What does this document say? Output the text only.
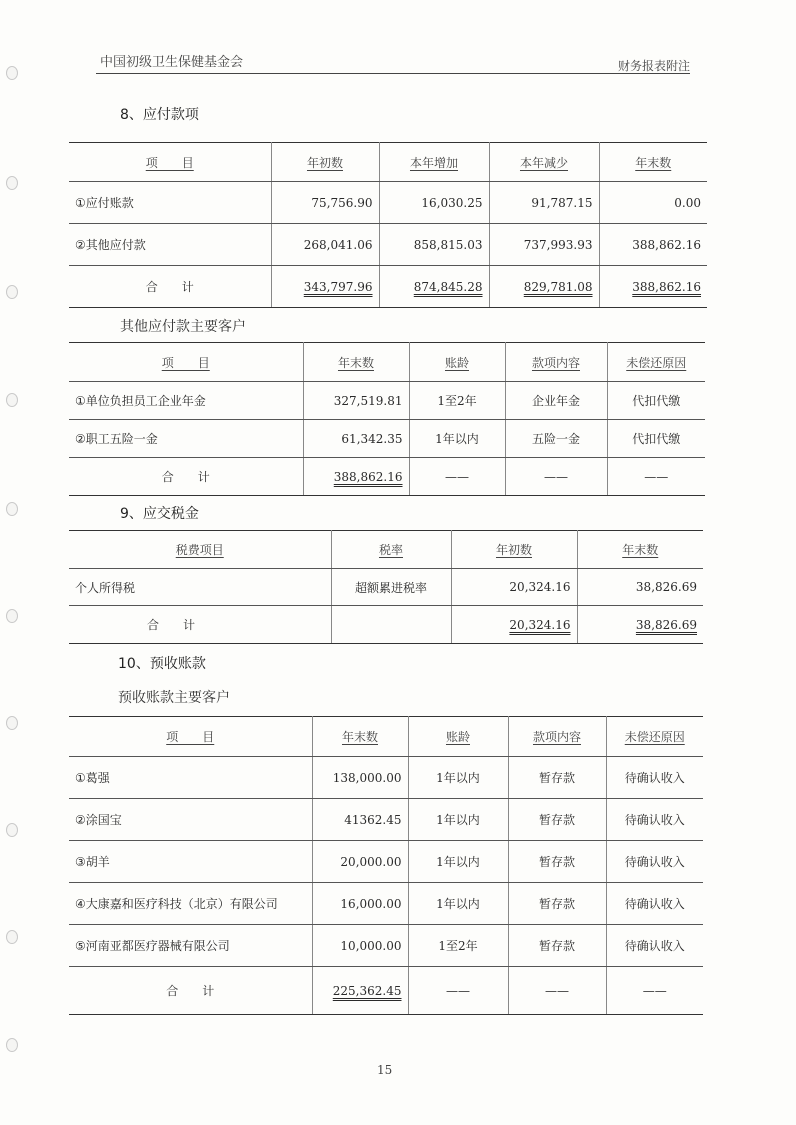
中国初级卫生保健基金会	财务报表附注
8、应付款项
项　　目	年初数	本年增加	本年减少	年末数
①应付账款	75,756.90	16,030.25	91,787.15	0.00
②其他应付款	268,041.06	858,815.03	737,993.93	388,862.16
合　　计	343,797.96	874,845.28	829,781.08	388,862.16
其他应付款主要客户
项　　目	年末数	账龄	款项内容	未偿还原因
①单位负担员工企业年金	327,519.81	1至2年	企业年金	代扣代缴
②职工五险一金	61,342.35	1年以内	五险一金	代扣代缴
合　　计	388,862.16	——	——	——
9、应交税金
税费项目	税率	年初数	年末数
个人所得税	超额累进税率	20,324.16	38,826.69
合　　计		20,324.16	38,826.69
10、预收账款
预收账款主要客户
项　　目	年末数	账龄	款项内容	未偿还原因
①葛强	138,000.00	1年以内	暂存款	待确认收入
②涂国宝	41362.45	1年以内	暂存款	待确认收入
③胡羊	20,000.00	1年以内	暂存款	待确认收入
④大康嘉和医疗科技（北京）有限公司	16,000.00	1年以内	暂存款	待确认收入
⑤河南亚都医疗器械有限公司	10,000.00	1至2年	暂存款	待确认收入
合　　计	225,362.45	——	——	——
15
